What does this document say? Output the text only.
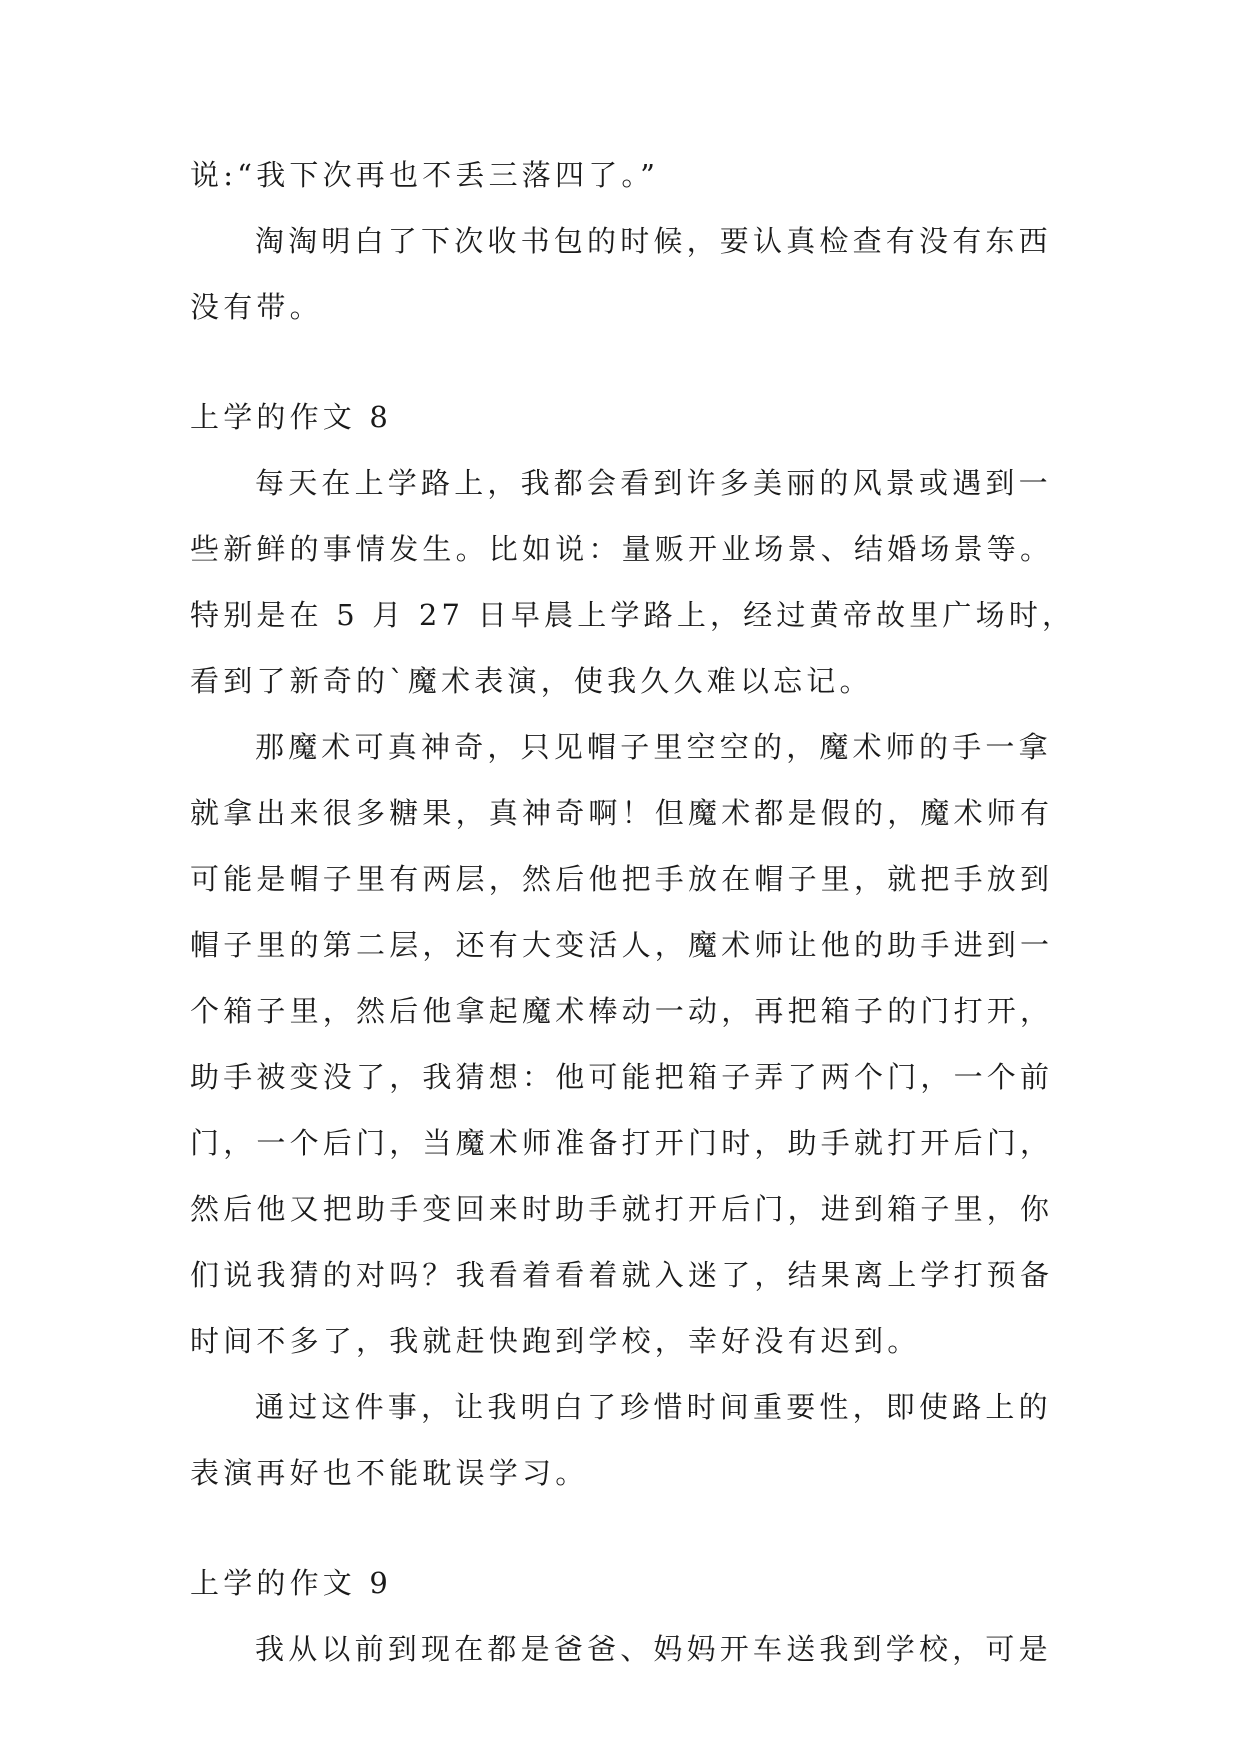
说:“我下次再也不丢三落四了。”
淘淘明白了下次收书包的时候，要认真检查有没有东西
没有带。
上学的作文 8
每天在上学路上，我都会看到许多美丽的风景或遇到一
些新鲜的事情发生。比如说：量贩开业场景、结婚场景等。
特别是在 5 月 27 日早晨上学路上，经过黄帝故里广场时，
看到了新奇的`魔术表演，使我久久难以忘记。
那魔术可真神奇，只见帽子里空空的，魔术师的手一拿
就拿出来很多糖果，真神奇啊！但魔术都是假的，魔术师有
可能是帽子里有两层，然后他把手放在帽子里，就把手放到
帽子里的第二层，还有大变活人，魔术师让他的助手进到一
个箱子里，然后他拿起魔术棒动一动，再把箱子的门打开，
助手被变没了，我猜想：他可能把箱子弄了两个门，一个前
门，一个后门，当魔术师准备打开门时，助手就打开后门，
然后他又把助手变回来时助手就打开后门，进到箱子里，你
们说我猜的对吗？我看着看着就入迷了，结果离上学打预备
时间不多了，我就赶快跑到学校，幸好没有迟到。
通过这件事，让我明白了珍惜时间重要性，即使路上的
表演再好也不能耽误学习。
上学的作文 9
我从以前到现在都是爸爸、妈妈开车送我到学校，可是
